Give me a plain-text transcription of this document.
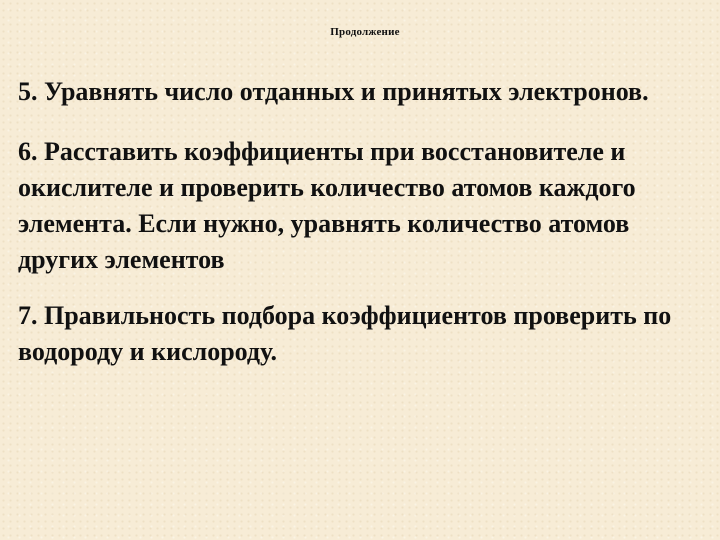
Продолжение

5. Уравнять число отданных и принятых электронов.

6. Расставить коэффициенты при восстановителе и окислителе и проверить количество атомов каждого элемента. Если нужно, уравнять количество атомов других элементов

7. Правильность подбора коэффициентов проверить по водороду и кислороду.
